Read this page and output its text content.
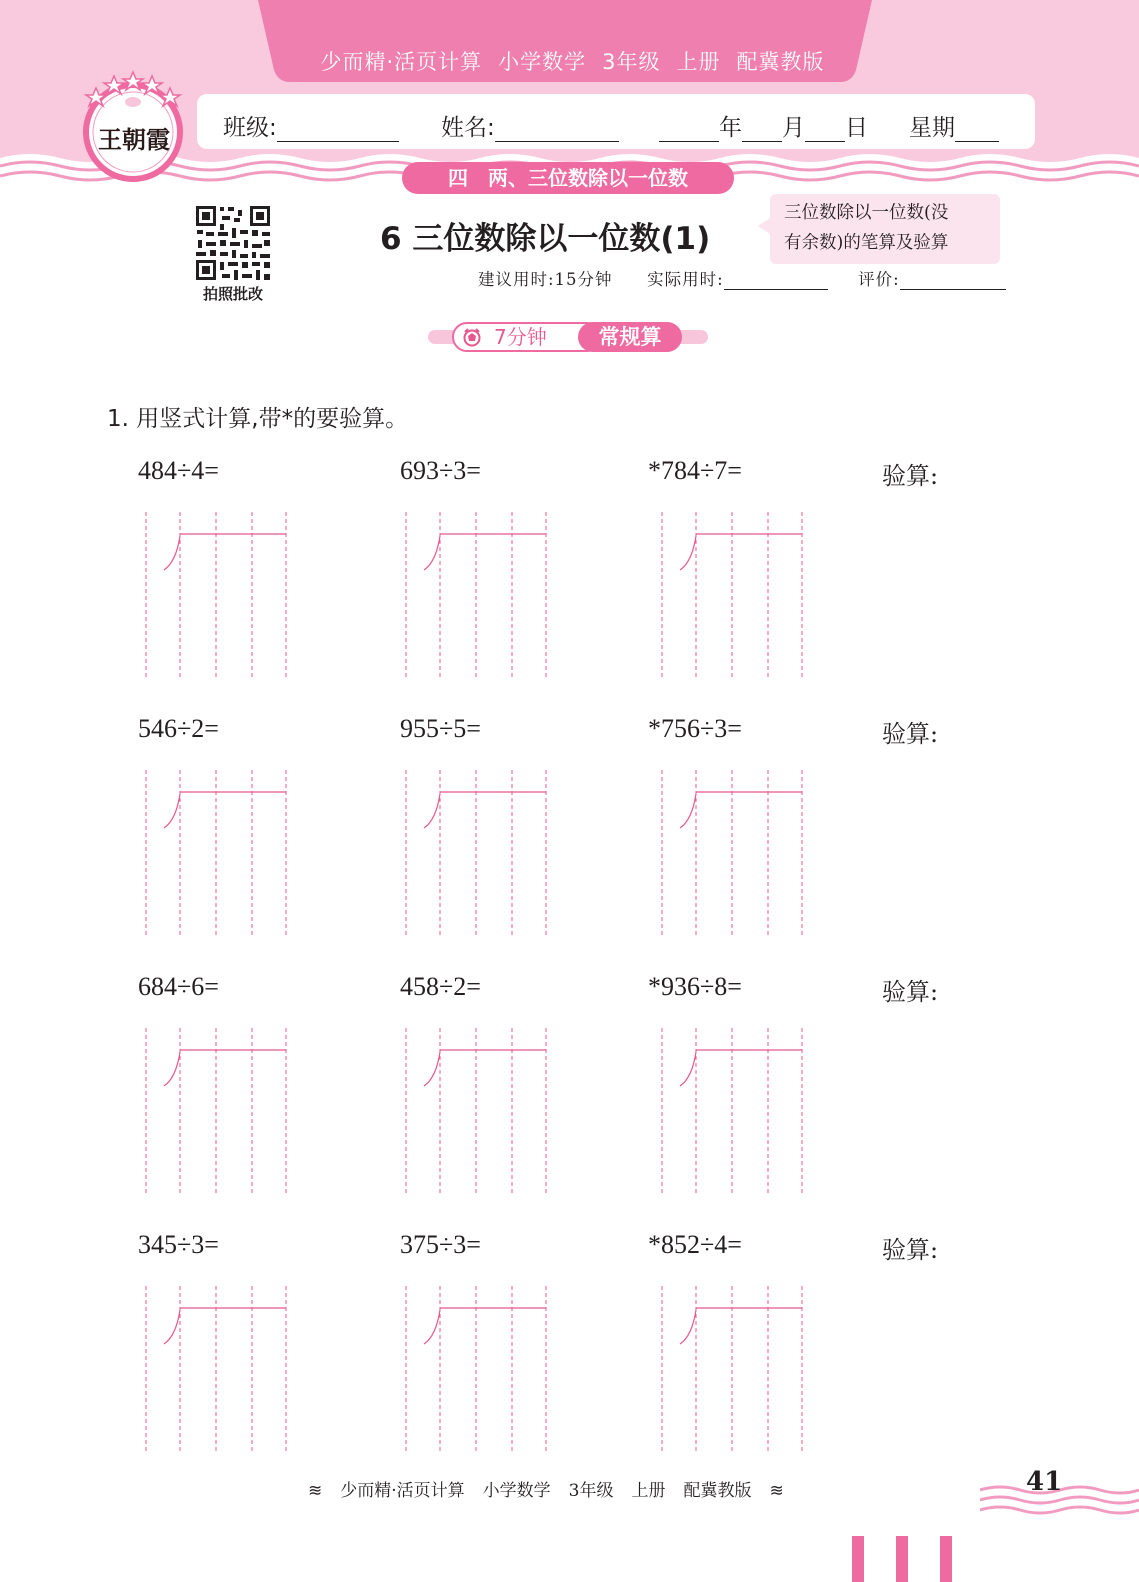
少而精·活页计算 小学数学 3年级 上册 配冀教版
王朝霞 班级:	姓名:	年 月 日 星期
四　两、三位数除以一位数
拍照批改
6 三位数除以一位数(1)
三位数除以一位数(没
有余数)的笔算及验算
建议用时:15分钟 实际用时:	评价:
7分钟	常规算
1. 用竖式计算,带*的要验算。
484÷4=	693÷3=	*784÷7=	验算:
546÷2=	955÷5=	*756÷3=	验算:
684÷6=	458÷2=	*936÷8=	验算:
345÷3=	375÷3=	*852÷4=	验算:
≋ 少而精·活页计算 小学数学 3年级 上册 配冀教版 ≋	41
